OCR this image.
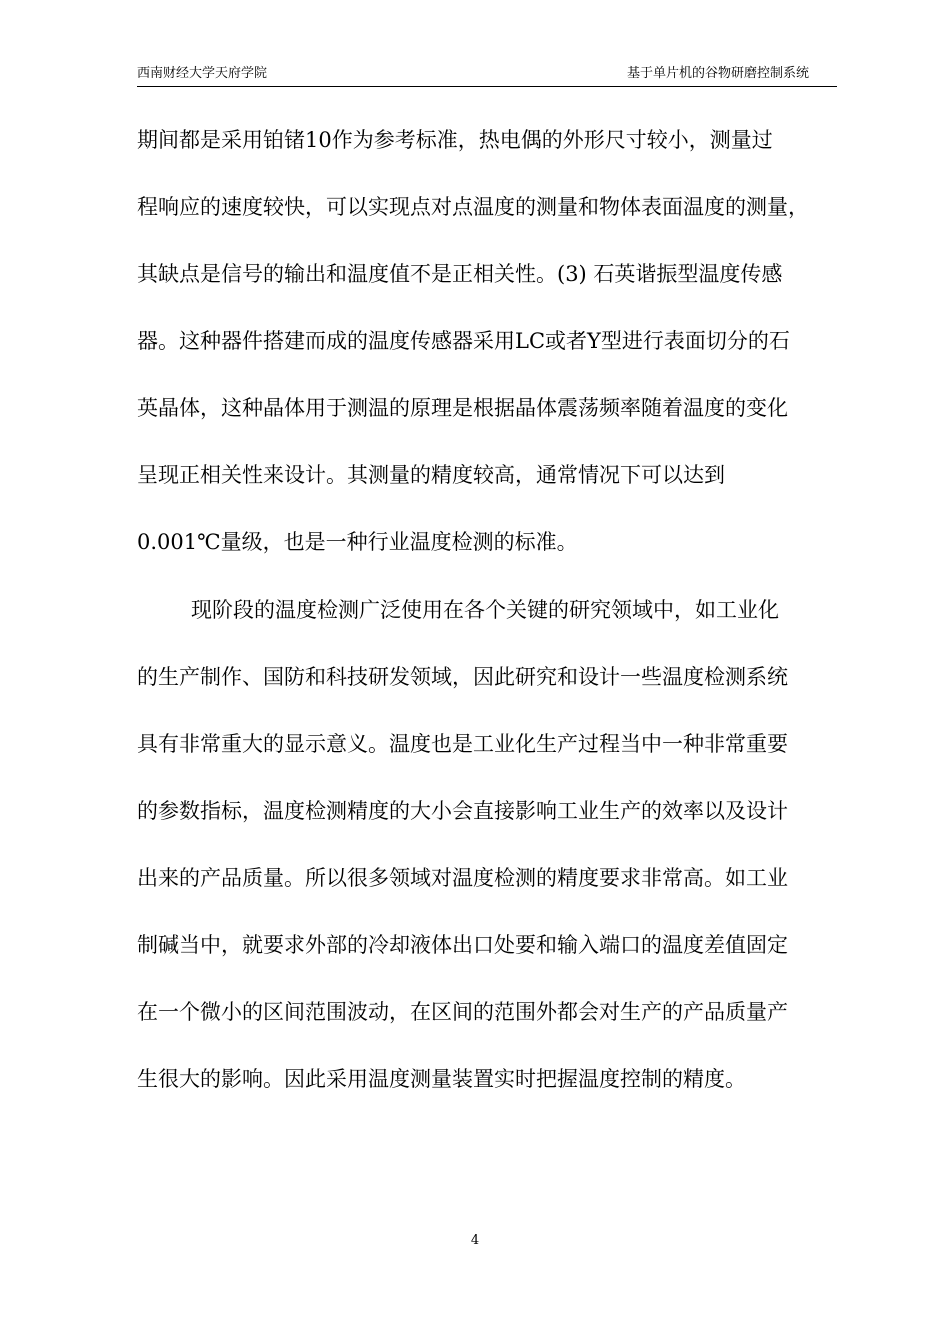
西南财经大学天府学院	基于单片机的谷物研磨控制系统
期间都是采用铂锗10作为参考标准，热电偶的外形尺寸较小，测量过
程响应的速度较快，可以实现点对点温度的测量和物体表面温度的测量，
其缺点是信号的输出和温度值不是正相关性。(3) 石英谐振型温度传感
器。这种器件搭建而成的温度传感器采用LC或者Y型进行表面切分的石
英晶体，这种晶体用于测温的原理是根据晶体震荡频率随着温度的变化
呈现正相关性来设计。其测量的精度较高，通常情况下可以达到
0.001℃量级，也是一种行业温度检测的标准。
现阶段的温度检测广泛使用在各个关键的研究领域中，如工业化
的生产制作、国防和科技研发领域，因此研究和设计一些温度检测系统
具有非常重大的显示意义。温度也是工业化生产过程当中一种非常重要
的参数指标，温度检测精度的大小会直接影响工业生产的效率以及设计
出来的产品质量。所以很多领域对温度检测的精度要求非常高。如工业
制碱当中，就要求外部的冷却液体出口处要和输入端口的温度差值固定
在一个微小的区间范围波动，在区间的范围外都会对生产的产品质量产
生很大的影响。因此采用温度测量装置实时把握温度控制的精度。
4
